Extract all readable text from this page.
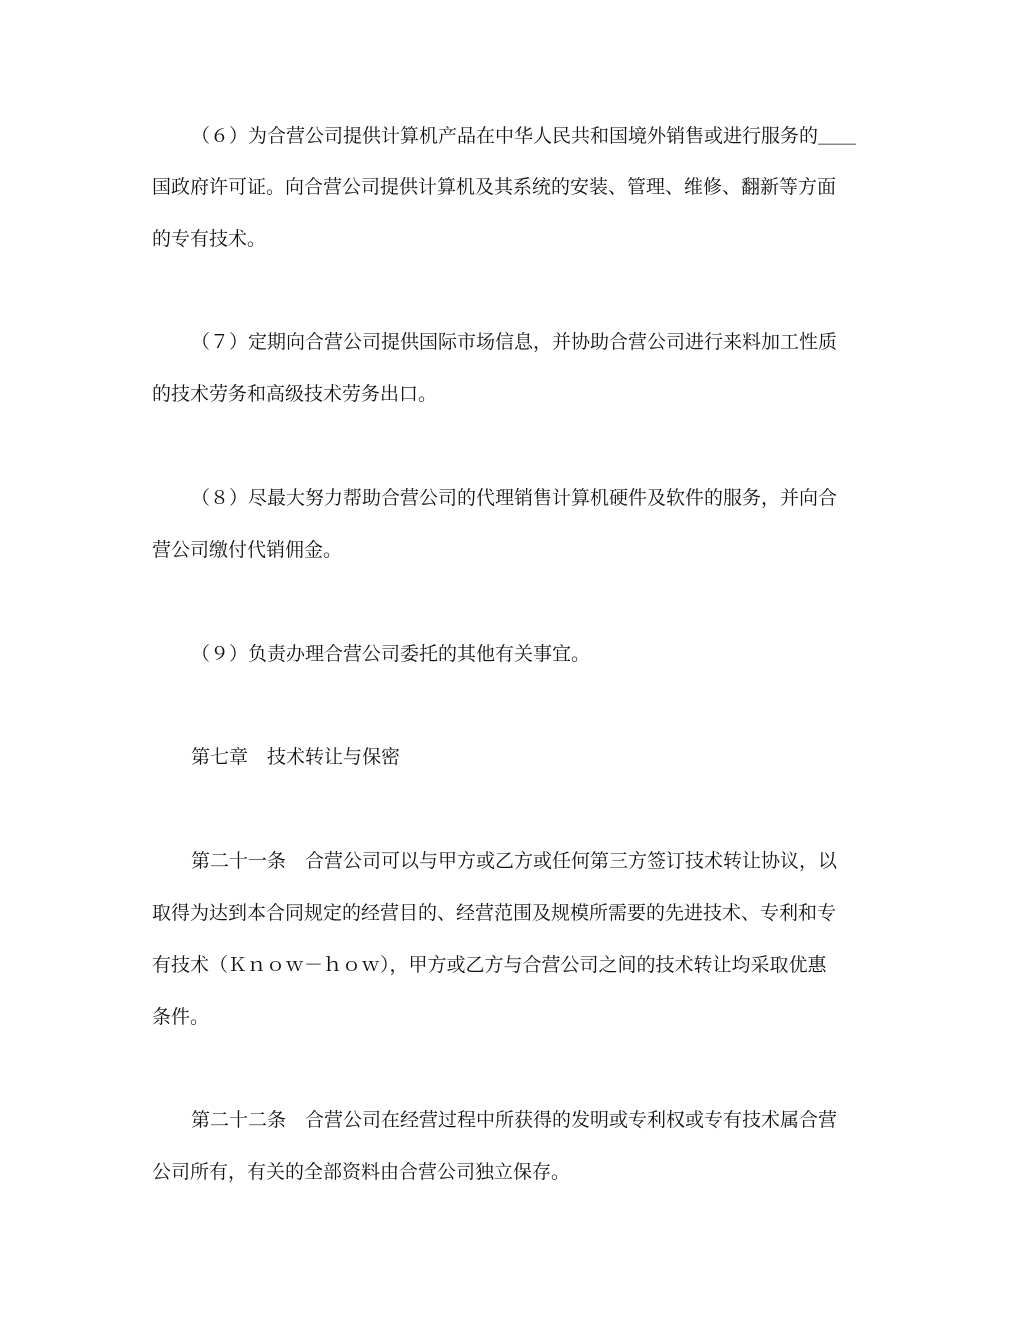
（６）为合营公司提供计算机产品在中华人民共和国境外销售或进行服务的＿＿
国政府许可证。向合营公司提供计算机及其系统的安装、管理、维修、翻新等方面
的专有技术。
（７）定期向合营公司提供国际市场信息，并协助合营公司进行来料加工性质
的技术劳务和高级技术劳务出口。
（８）尽最大努力帮助合营公司的代理销售计算机硬件及软件的服务，并向合
营公司缴付代销佣金。
（９）负责办理合营公司委托的其他有关事宜。
第七章　技术转让与保密
第二十一条　合营公司可以与甲方或乙方或任何第三方签订技术转让协议，以
取得为达到本合同规定的经营目的、经营范围及规模所需要的先进技术、专利和专
有技术（Ｋｎｏｗ－ｈｏｗ），甲方或乙方与合营公司之间的技术转让均采取优惠
条件。
第二十二条　合营公司在经营过程中所获得的发明或专利权或专有技术属合营
公司所有，有关的全部资料由合营公司独立保存。
